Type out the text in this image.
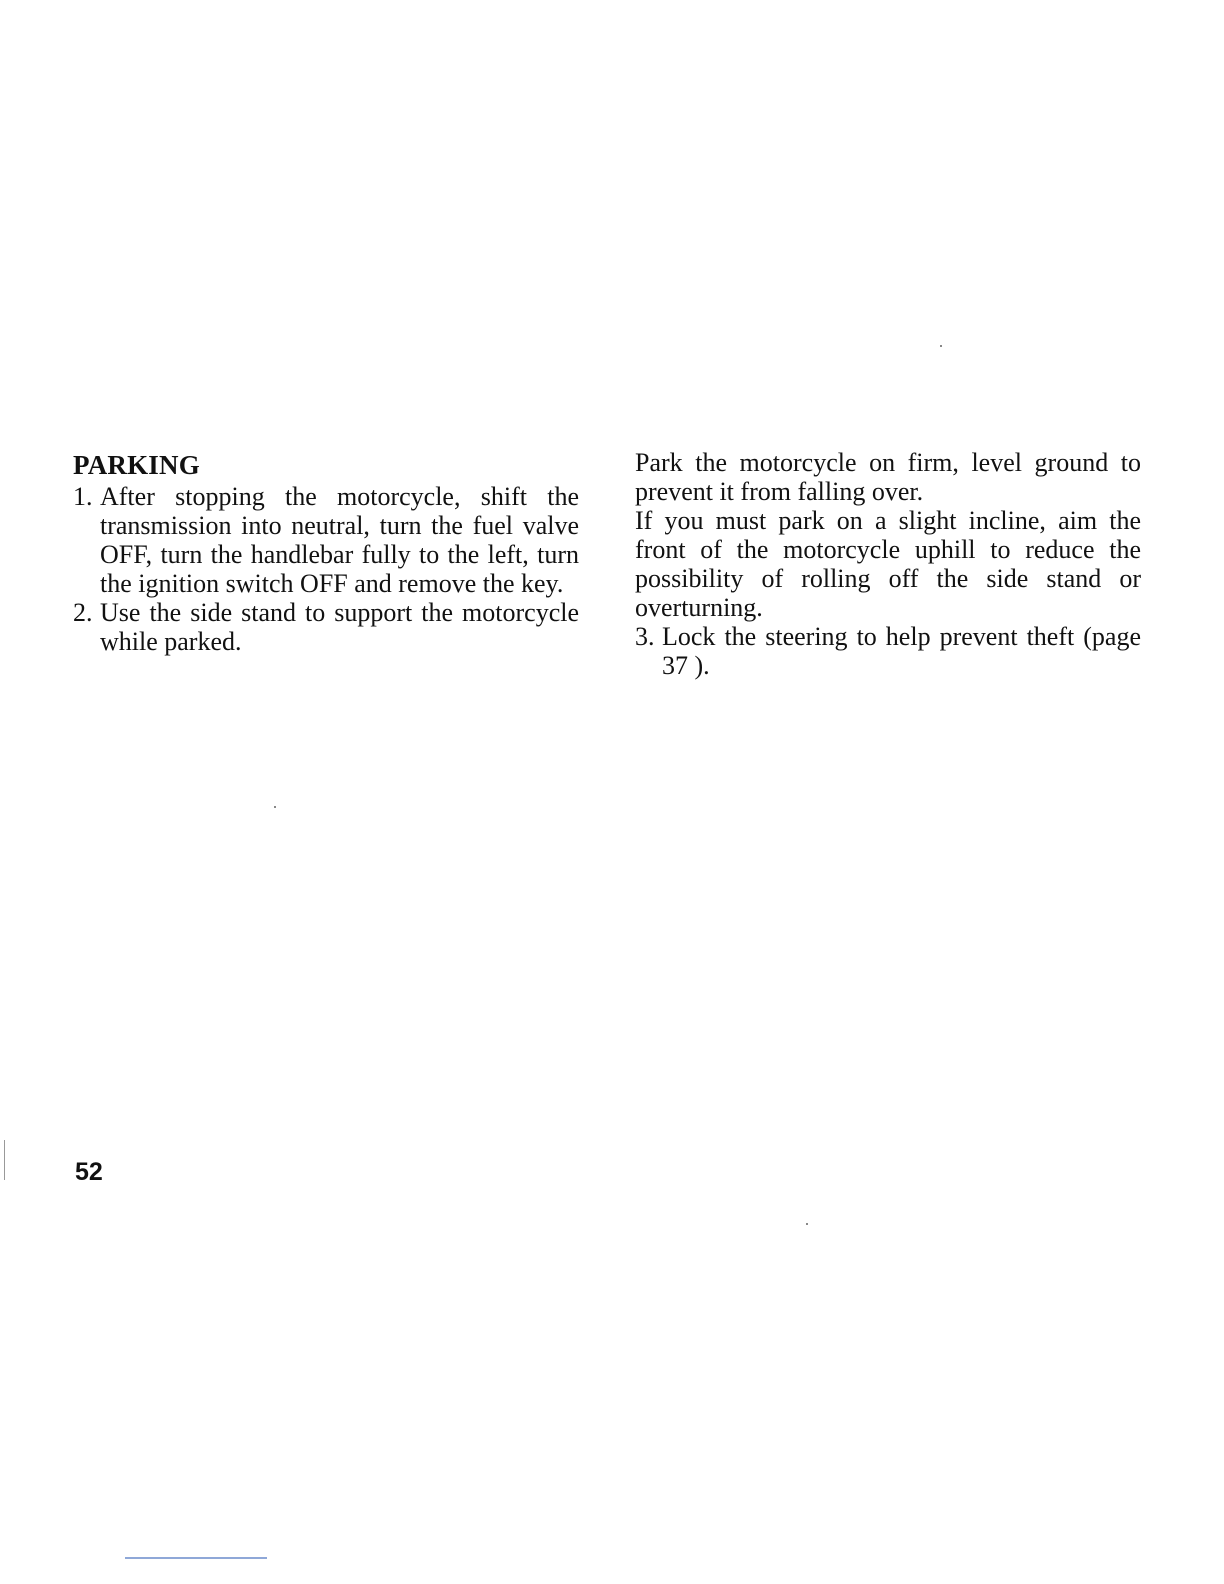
PARKING
1. After stopping the motorcycle, shift the transmission into neutral, turn the fuel valve OFF, turn the handlebar fully to the left, turn the ignition switch OFF and remove the key.
2. Use the side stand to support the motorcycle while parked.

Park the motorcycle on firm, level ground to prevent it from falling over.

If you must park on a slight incline, aim the front of the motorcycle uphill to reduce the possibility of rolling off the side stand or overturning.

3. Lock the steering to help prevent theft (page 37 ).
52
